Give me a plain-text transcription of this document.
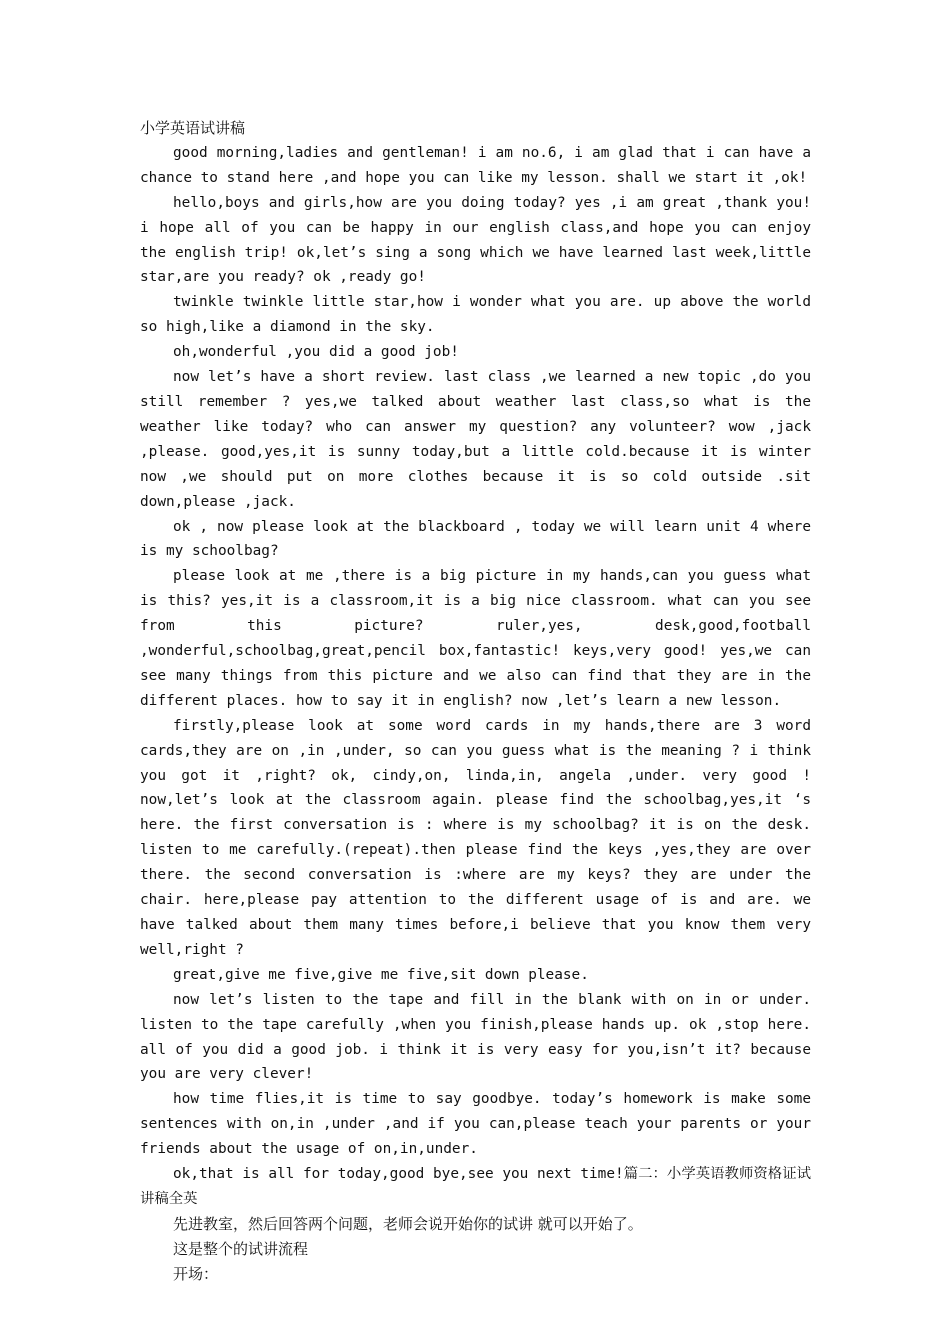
小学英语试讲稿

good morning,ladies and gentleman! i am no.6, i am glad that i can have a chance to stand here ,and hope you can like my lesson. shall we start it ,ok!

hello,boys and girls,how are you doing today? yes ,i am great ,thank you! i hope all of you can be happy in our english class,and hope you can enjoy the english trip! ok,let’s sing a song which we have learned last week,little star,are you ready? ok ,ready go!

twinkle twinkle little star,how i wonder what you are. up above the world so high,like a diamond in the sky.

oh,wonderful ,you did a good job!

now let’s have a short review. last class ,we learned a new topic ,do you still remember ? yes,we talked about weather last class,so what is the weather like today? who can answer my question? any volunteer? wow ,jack ,please. good,yes,it is sunny today,but a little cold.because it is winter now ,we should put on more clothes because it is so cold outside .sit down,please ,jack.

ok , now please look at the blackboard , today we will learn unit 4 where is my schoolbag?

please look at me ,there is a big picture in my hands,can you guess what is this? yes,it is a classroom,it is a big nice classroom. what can you see from this picture? ruler,yes, desk,good,football ,wonderful,schoolbag,great,pencil box,fantastic! keys,very good! yes,we can see many things from this picture and we also can find that they are in the different places. how to say it in english? now ,let’s learn a new lesson.

firstly,please look at some word cards in my hands,there are 3 word cards,they are on ,in ,under, so can you guess what is the meaning ? i think you got it ,right? ok, cindy,on, linda,in, angela ,under. very good ! now,let’s look at the classroom again. please find the schoolbag,yes,it ‘s here. the first conversation is : where is my schoolbag? it is on the desk. listen to me carefully.(repeat).then please find the keys ,yes,they are over there. the second conversation is :where are my keys? they are under the chair. here,please pay attention to the different usage of is and are. we have talked about them many times before,i believe that you know them very well,right ?

great,give me five,give me five,sit down please.

now let’s listen to the tape and fill in the blank with on in or under. listen to the tape carefully ,when you finish,please hands up. ok ,stop here. all of you did a good job. i think it is very easy for you,isn’t it? because you are very clever!

how time flies,it is time to say goodbye. today’s homework is make some sentences with on,in ,under ,and if you can,please teach your parents or your friends about the usage of on,in,under.

ok,that is all for today,good bye,see you next time!篇二：小学英语教师资格证试讲稿全英

先进教室，然后回答两个问题，老师会说开始你的试讲 就可以开始了。

这是整个的试讲流程

开场：
